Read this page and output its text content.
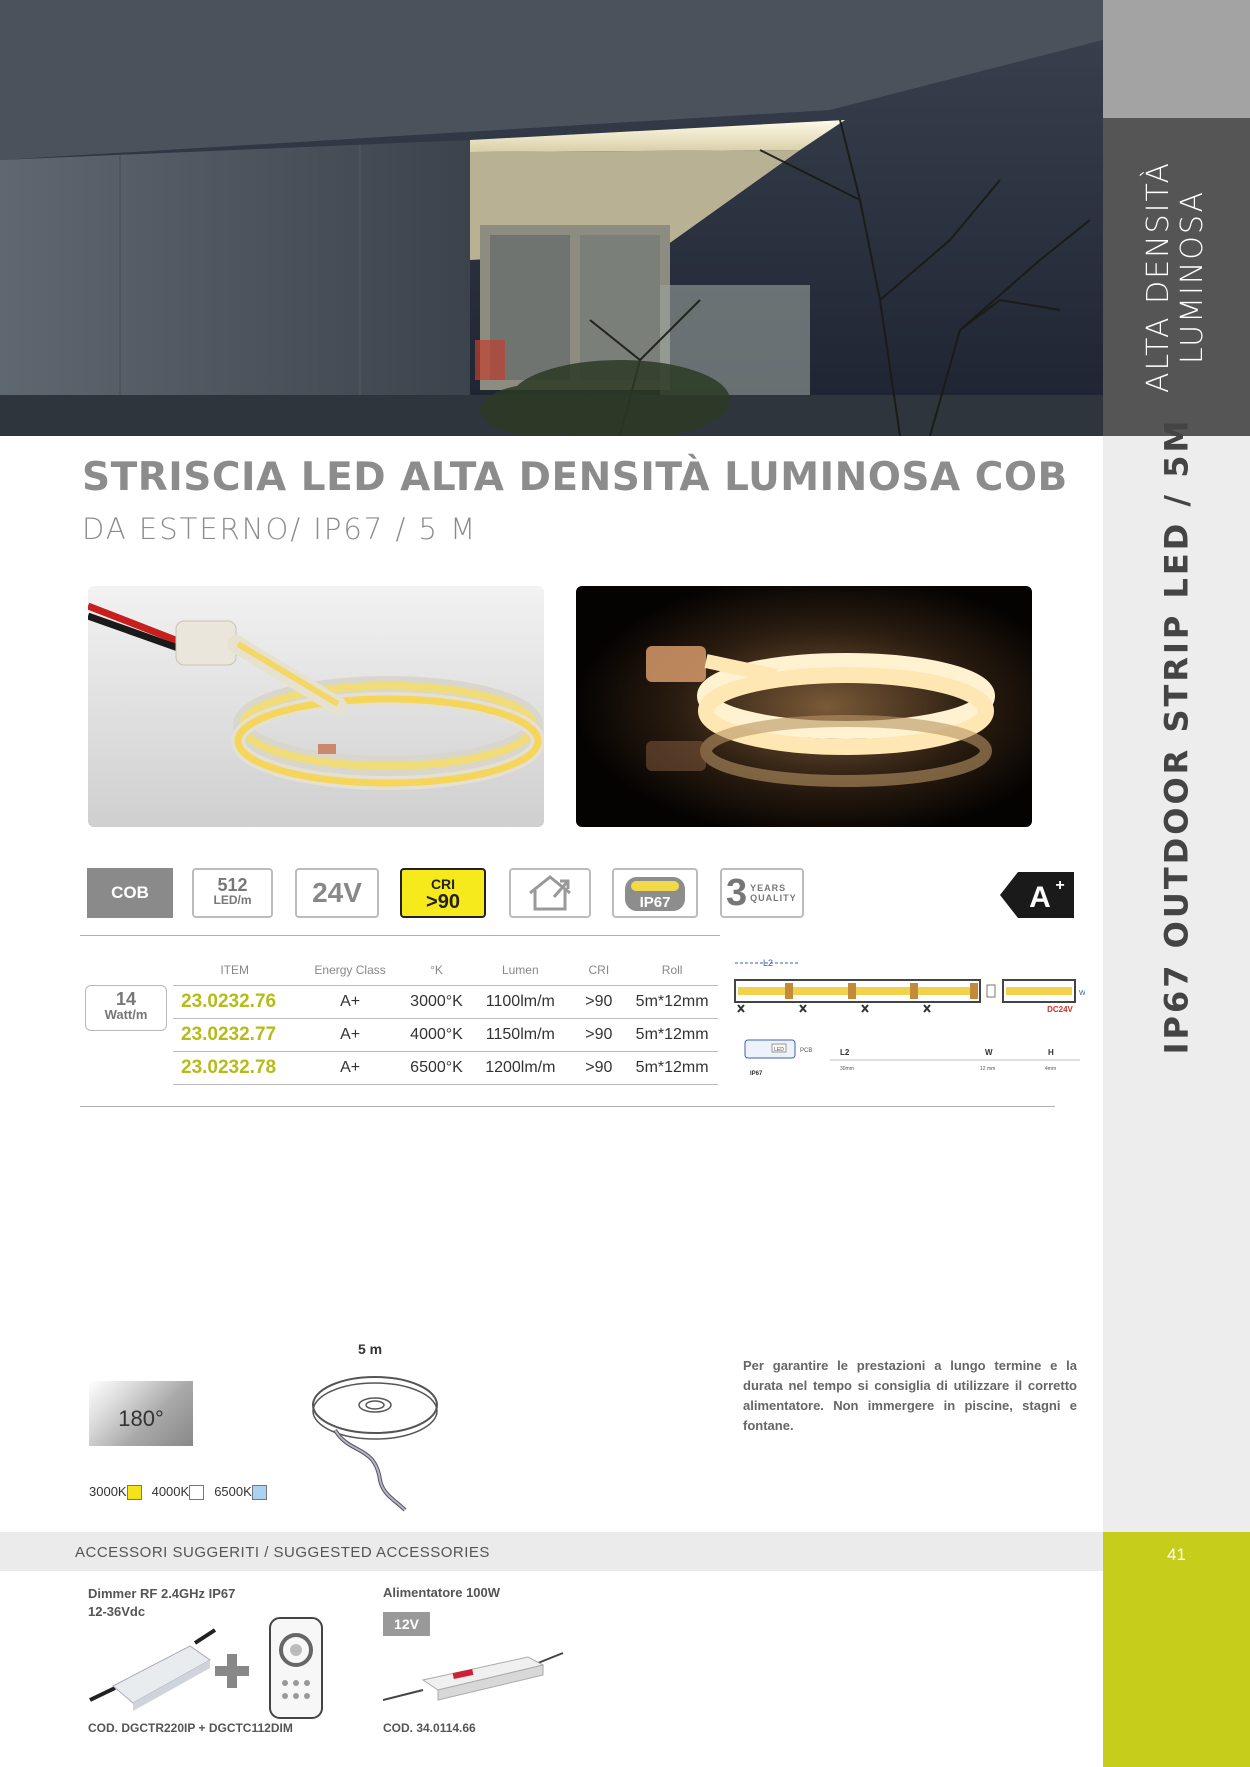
ALTA DENSITÀ LUMINOSA
IP67 OUTDOOR STRIP LED / 5M
41
STRISCIA LED ALTA DENSITÀ LUMINOSA COB
DA ESTERNO/ IP67 / 5 M
COB	512
LED/m	24V	CRI
>90	IP67 3 YEARS
QUALITY	A +
14
Watt/m
ITEM	Energy Class	°K	Lumen	CRI	Roll
23.0232.76	A+	3000°K	1100lm/m	>90	5m*12mm
23.0232.77	A+	4000°K	1150lm/m	>90	5m*12mm
23.0232.78	A+	6500°K	1200lm/m	>90	5m*12mm
L2
DC24V
W
LED	PCB
IP67
L2	W	H
30mm	12 mm	4mm
180°
3000K	4000K	6500K
5 m
Per garantire le prestazioni a lungo termine e la durata nel tempo si consiglia di utilizzare il corretto alimentatore. Non immergere in piscine, stagni e fontane.
ACCESSORI SUGGERITI / SUGGESTED ACCESSORIES
Dimmer RF 2.4GHz IP67
12-36Vdc
COD. DGCTR220IP + DGCTC112DIM
Alimentatore 100W
12V
COD. 34.0114.66
